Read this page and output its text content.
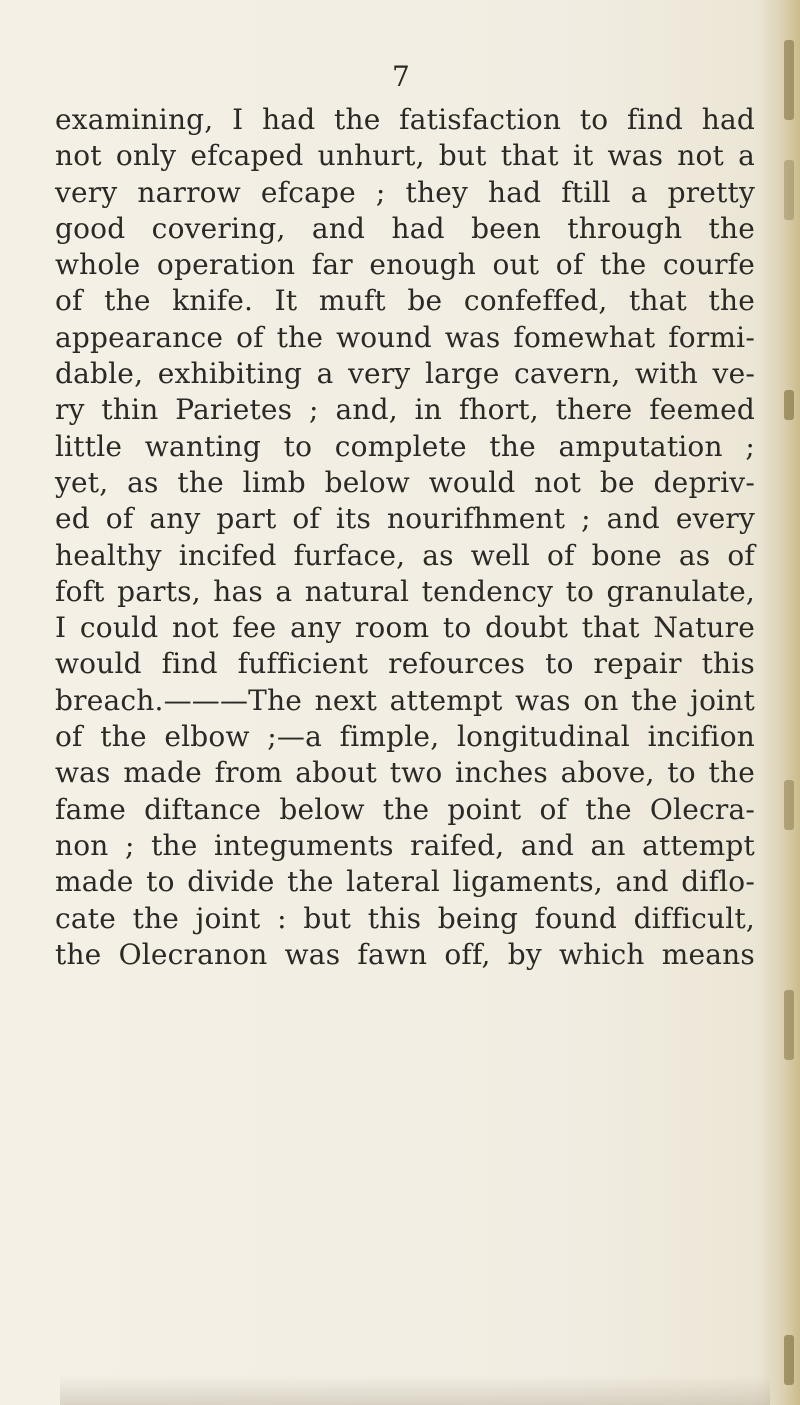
7
examining, I had the fatisfaction to find had
not only efcaped unhurt, but that it was not a
very narrow efcape ; they had ftill a pretty
good covering, and had been through the
whole operation far enough out of the courfe
of the knife. It muft be confeffed, that the
appearance of the wound was fomewhat formi-
dable, exhibiting a very large cavern, with ve-
ry thin Parietes ; and, in fhort, there feemed
little wanting to complete the amputation ;
yet, as the limb below would not be depriv-
ed of any part of its nourifhment ; and every
healthy incifed furface, as well of bone as of
foft parts, has a natural tendency to granulate,
I could not fee any room to doubt that Nature
would find fufficient refources to repair this
breach.———The next attempt was on the joint
of the elbow ;—a fimple, longitudinal incifion
was made from about two inches above, to the
fame diftance below the point of the Olecra-
non ; the integuments raifed, and an attempt
made to divide the lateral ligaments, and diflo-
cate the joint : but this being found difficult,
the Olecranon was fawn off, by which means
